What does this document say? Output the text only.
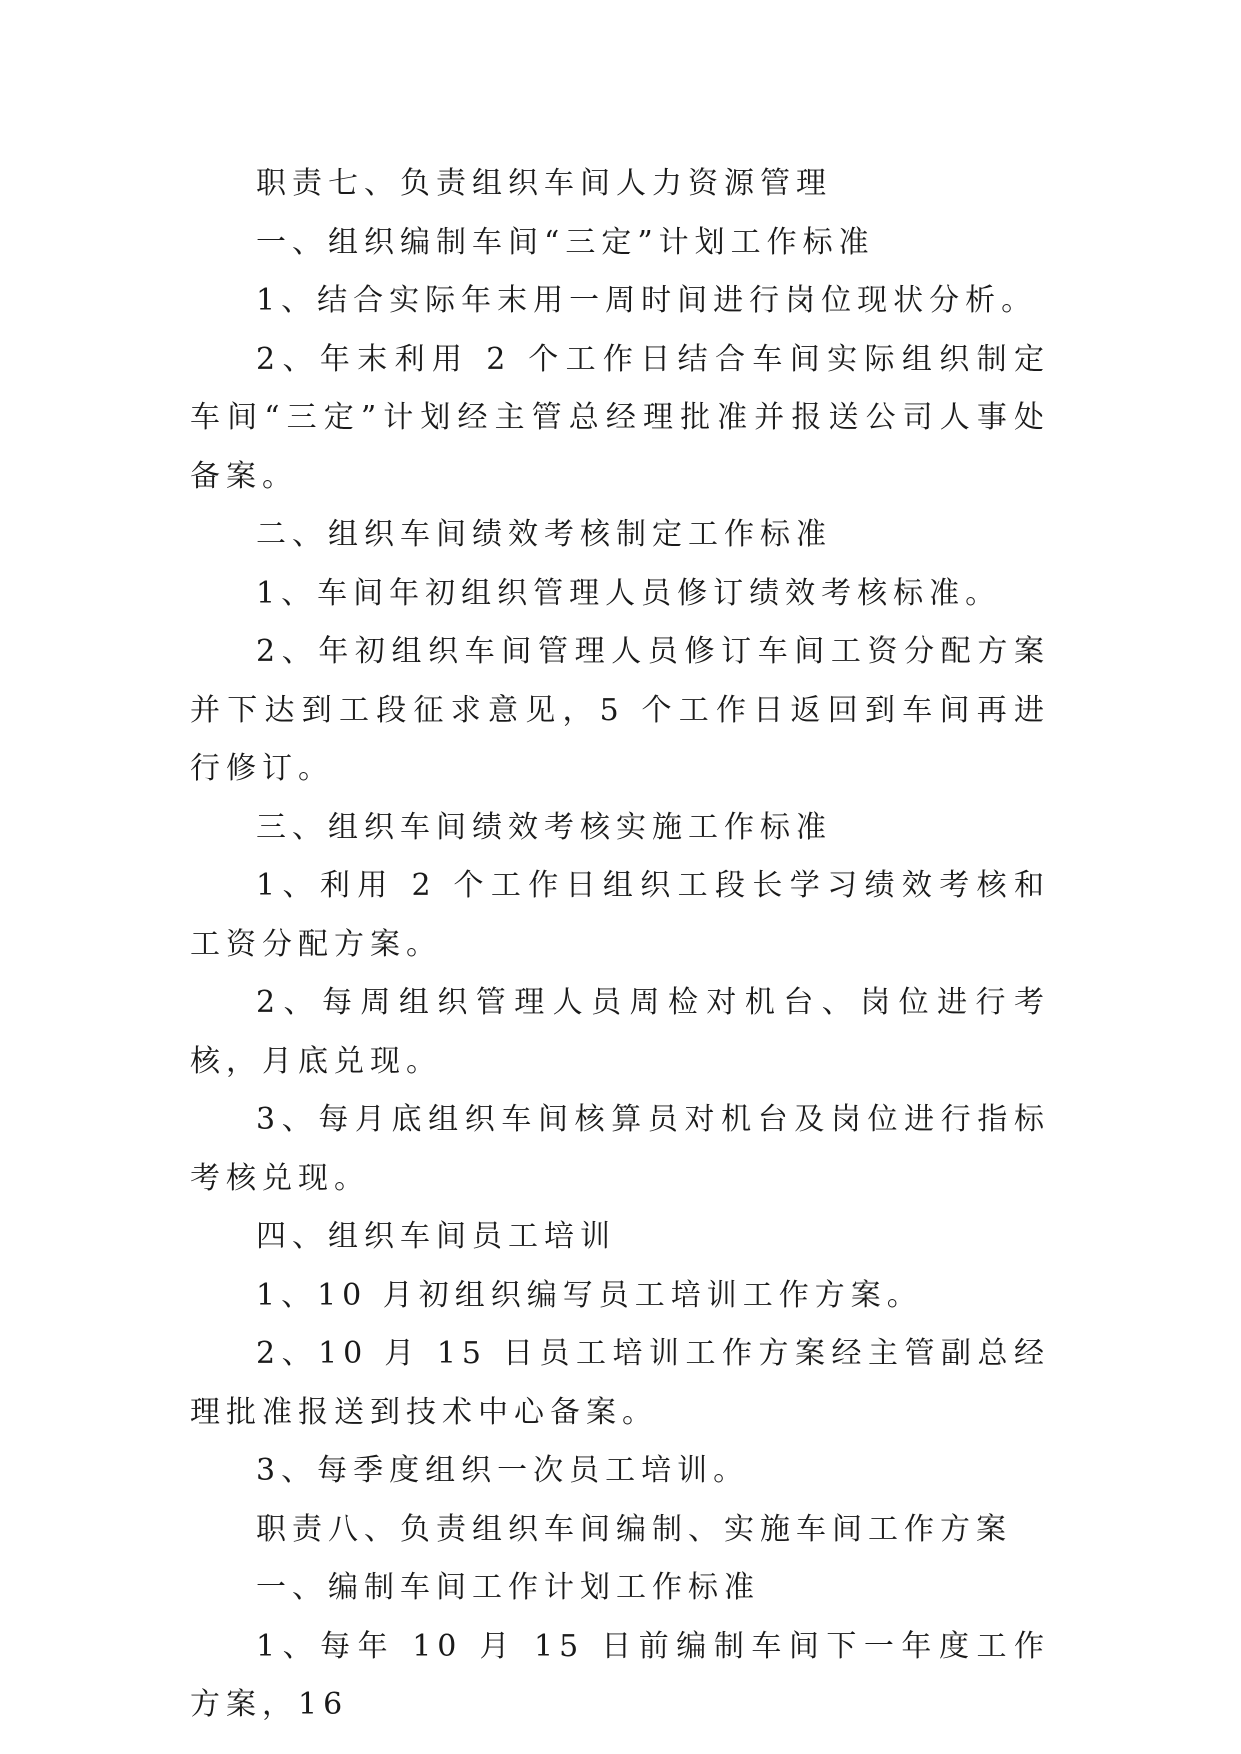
职责七、负责组织车间人力资源管理

一、组织编制车间“三定”计划工作标准

1、结合实际年末用一周时间进行岗位现状分析。

2、年末利用 2 个工作日结合车间实际组织制定车间“三定”计划经主管总经理批准并报送公司人事处备案。

二、组织车间绩效考核制定工作标准

1、车间年初组织管理人员修订绩效考核标准。

2、年初组织车间管理人员修订车间工资分配方案并下达到工段征求意见，5 个工作日返回到车间再进行修订。

三、组织车间绩效考核实施工作标准

1、利用 2 个工作日组织工段长学习绩效考核和工资分配方案。

2、每周组织管理人员周检对机台、岗位进行考核，月底兑现。

3、每月底组织车间核算员对机台及岗位进行指标考核兑现。

四、组织车间员工培训

1、10 月初组织编写员工培训工作方案。

2、10 月 15 日员工培训工作方案经主管副总经理批准报送到技术中心备案。

3、每季度组织一次员工培训。

职责八、负责组织车间编制、实施车间工作方案

一、编制车间工作计划工作标准

1、每年 10 月 15 日前编制车间下一年度工作方案，16
